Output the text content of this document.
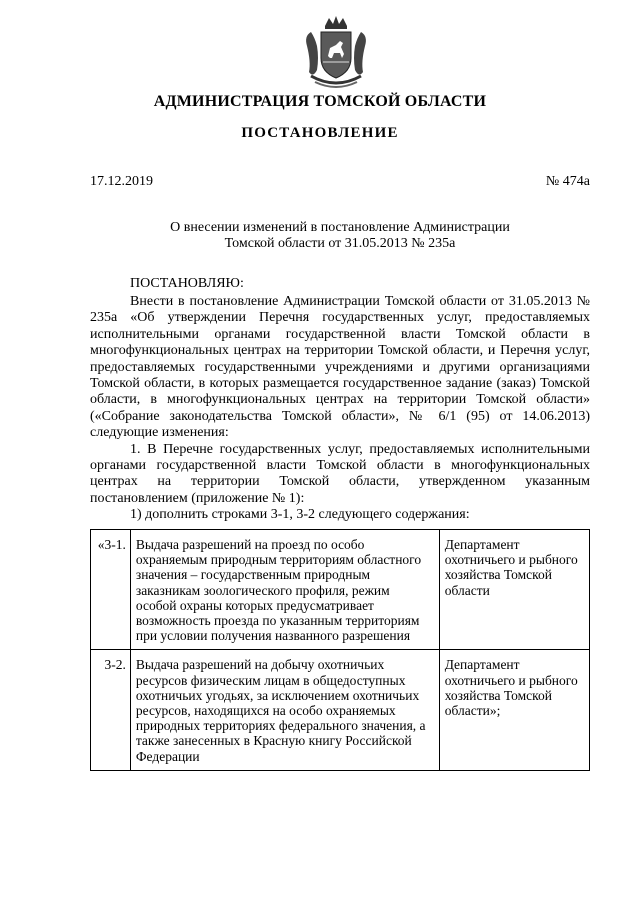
АДМИНИСТРАЦИЯ ТОМСКОЙ ОБЛАСТИ
ПОСТАНОВЛЕНИЕ
17.12.2019	№ 474а
О внесении изменений в постановление Администрации Томской области от 31.05.2013 № 235а
ПОСТАНОВЛЯЮ:

Внести в постановление Администрации Томской области от 31.05.2013 № 235а «Об утверждении Перечня государственных услуг, предоставляемых исполнительными органами государственной власти Томской области в многофункциональных центрах на территории Томской области, и Перечня услуг, предоставляемых государственными учреждениями и другими организациями Томской области, в которых размещается государственное задание (заказ) Томской области, в многофункциональных центрах на территории Томской области» («Собрание законодательства Томской области», № 6/1 (95) от 14.06.2013) следующие изменения:

1. В Перечне государственных услуг, предоставляемых исполнительными органами государственной власти Томской области в многофункциональных центрах на территории Томской области, утвержденном указанным постановлением (приложение № 1):

1) дополнить строками 3-1, 3-2 следующего содержания:

«3-1.	Выдача разрешений на проезд по особо охраняемым природным территориям областного значения – государственным природным заказникам зоологического профиля, режим особой охраны которых предусматривает возможность проезда по указанным территориям при условии получения названного разрешения	Департамент охотничьего и рыбного хозяйства Томской области
3-2.	Выдача разрешений на добычу охотничьих ресурсов физическим лицам в общедоступных охотничьих угодьях, за исключением охотничьих ресурсов, находящихся на особо охраняемых природных территориях федерального значения, а также занесенных в Красную книгу Российской Федерации	Департамент охотничьего и рыбного хозяйства Томской области»;
